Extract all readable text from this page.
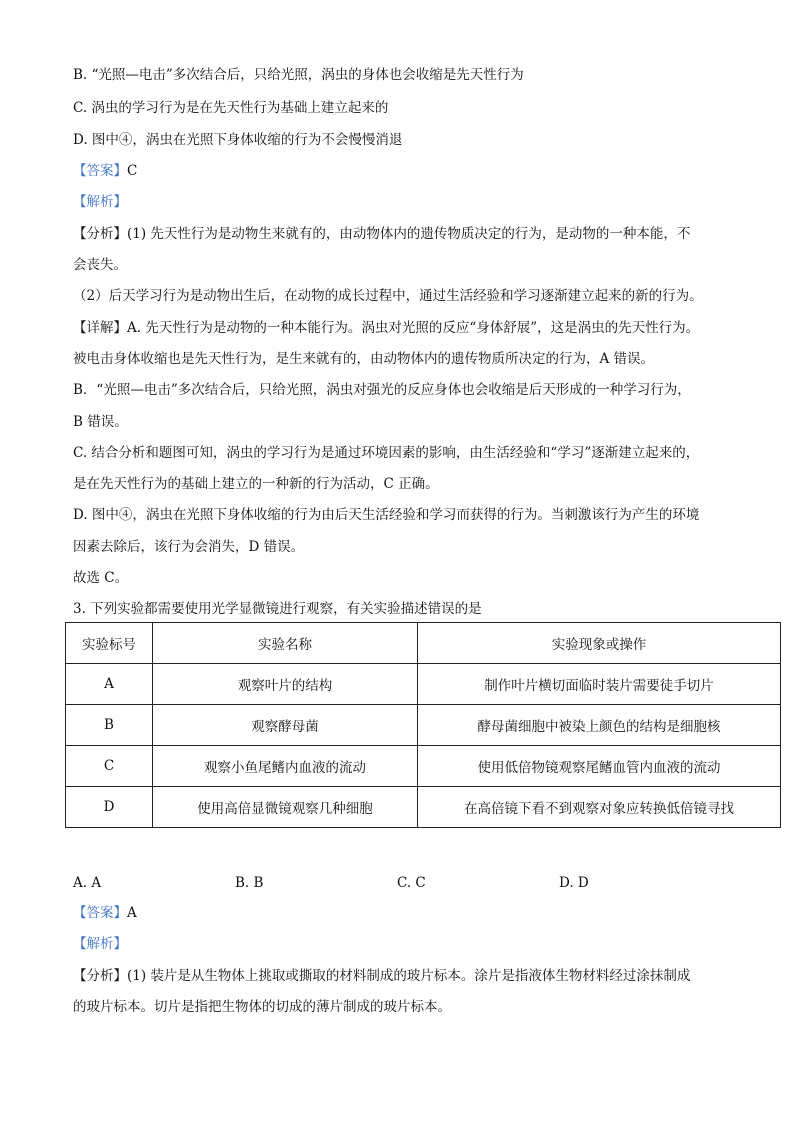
B. “光照—电击”多次结合后，只给光照，涡虫的身体也会收缩是先天性行为
C. 涡虫的学习行为是在先天性行为基础上建立起来的
D. 图中④，涡虫在光照下身体收缩的行为不会慢慢消退
【答案】C
【解析】
【分析】(1) 先天性行为是动物生来就有的，由动物体内的遗传物质决定的行为，是动物的一种本能，不
会丧失。
（2）后天学习行为是动物出生后，在动物的成长过程中，通过生活经验和学习逐渐建立起来的新的行为。
【详解】A. 先天性行为是动物的一种本能行为。涡虫对光照的反应“身体舒展”，这是涡虫的先天性行为。
被电击身体收缩也是先天性行为，是生来就有的，由动物体内的遗传物质所决定的行为，A 错误。
B．“光照—电击”多次结合后，只给光照，涡虫对强光的反应身体也会收缩是后天形成的一种学习行为，
B 错误。
C. 结合分析和题图可知，涡虫的学习行为是通过环境因素的影响，由生活经验和“学习”逐渐建立起来的，
是在先天性行为的基础上建立的一种新的行为活动，C 正确。
D. 图中④，涡虫在光照下身体收缩的行为由后天生活经验和学习而获得的行为。当刺激该行为产生的环境
因素去除后，该行为会消失，D 错误。
故选 C。
3. 下列实验都需要使用光学显微镜进行观察，有关实验描述错误的是
实验标号	实验名称	实验现象或操作
A	观察叶片的结构	制作叶片横切面临时装片需要徒手切片
B	观察酵母菌	酵母菌细胞中被染上颜色的结构是细胞核
C	观察小鱼尾鳍内血液的流动	使用低倍物镜观察尾鳍血管内血液的流动
D	使用高倍显微镜观察几种细胞	在高倍镜下看不到观察对象应转换低倍镜寻找
A. A	B. B	C. C	D. D
【答案】A
【解析】
【分析】(1) 装片是从生物体上挑取或撕取的材料制成的玻片标本。涂片是指液体生物材料经过涂抹制成
的玻片标本。切片是指把生物体的切成的薄片制成的玻片标本。
